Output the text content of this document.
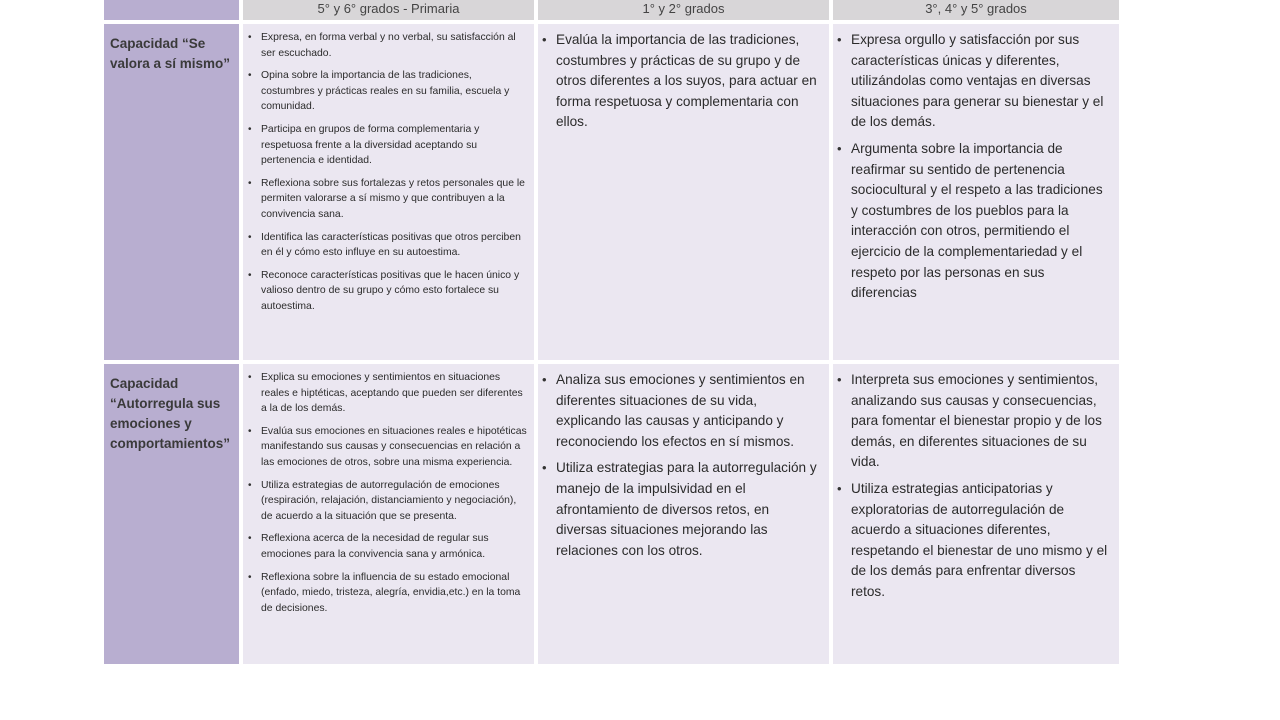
5° y 6° grados - Primaria	1° y 2° grados	3°, 4° y 5° grados
Capacidad “Se valora a sí mismo”
• Expresa, en forma verbal y no verbal, su satisfacción al ser escuchado.
• Opina sobre la importancia de las tradiciones, costumbres y prácticas reales en su familia, escuela y comunidad.
• Participa en grupos de forma complementaria y respetuosa frente a la diversidad aceptando su pertenencia e identidad.
• Reflexiona sobre sus fortalezas y retos personales que le permiten valorarse a sí mismo y que contribuyen a la convivencia sana.
• Identifica las características positivas que otros perciben en él y cómo esto influye en su autoestima.
• Reconoce características positivas que le hacen único y valioso dentro de su grupo y cómo esto fortalece su autoestima.
• Evalúa la importancia de las tradiciones, costumbres y prácticas de su grupo y de otros diferentes a los suyos, para actuar en forma respetuosa y complementaria con ellos.
• Expresa orgullo y satisfacción por sus características únicas y diferentes, utilizándolas como ventajas en diversas situaciones para generar su bienestar y el de los demás.
• Argumenta sobre la importancia de reafirmar su sentido de pertenencia sociocultural y el respeto a las tradiciones y costumbres de los pueblos para la interacción con otros, permitiendo el ejercicio de la complementariedad y el respeto por las personas en sus diferencias
Capacidad “Autorregula sus emociones y comportamientos”
• Explica su emociones y sentimientos en situaciones reales e hiptéticas, aceptando que pueden ser diferentes a la de los demás.
• Evalúa sus emociones en situaciones reales e hipotéticas manifestando sus causas y consecuencias en relación a las emociones de otros, sobre una misma experiencia.
• Utiliza estrategias de autorregulación de emociones (respiración, relajación, distanciamiento y negociación), de acuerdo a la situación que se presenta.
• Reflexiona acerca de la necesidad de regular sus emociones para la convivencia sana y armónica.
• Reflexiona sobre la influencia de su estado emocional (enfado, miedo, tristeza, alegría, envidia,etc.) en la toma de decisiones.
• Analiza sus emociones y sentimientos en diferentes situaciones de su vida, explicando las causas y anticipando y reconociendo los efectos en sí mismos.
• Utiliza estrategias para la autorregulación y manejo de la impulsividad en el afrontamiento de diversos retos, en diversas situaciones mejorando las relaciones con los otros.
• Interpreta sus emociones y sentimientos, analizando sus causas y consecuencias, para fomentar el bienestar propio y de los demás, en diferentes situaciones de su vida.
• Utiliza estrategias anticipatorias y exploratorias de autorregulación de acuerdo a situaciones diferentes, respetando el bienestar de uno mismo y el de los demás para enfrentar diversos retos.
